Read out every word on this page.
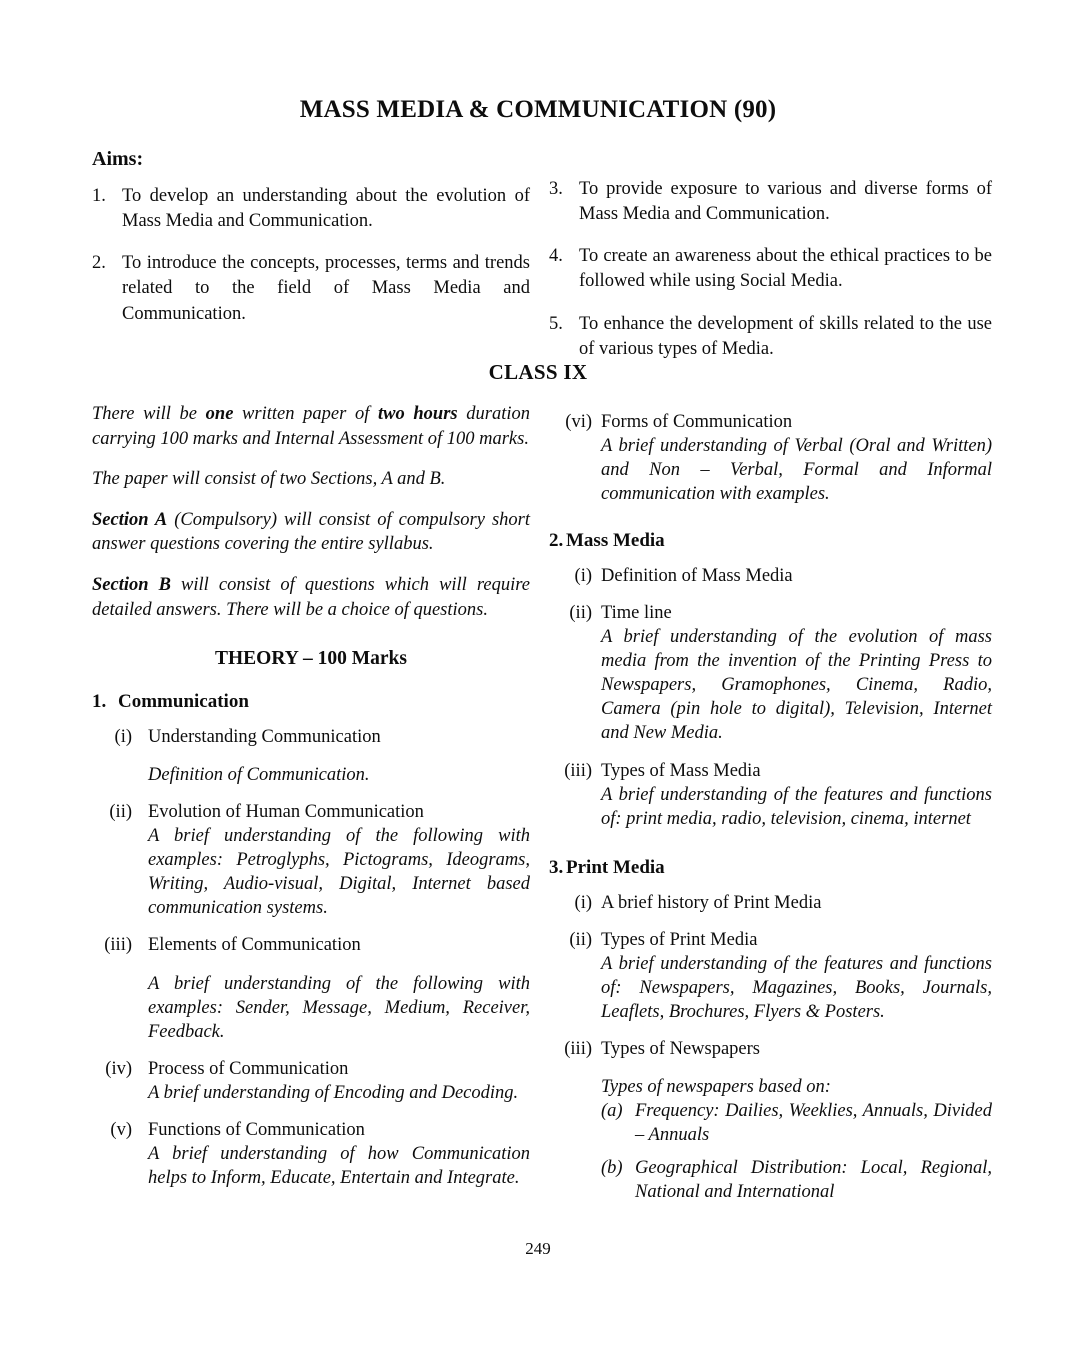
MASS MEDIA & COMMUNICATION (90)
Aims:
1. To develop an understanding about the evolution of Mass Media and Communication.
2. To introduce the concepts, processes, terms and trends related to the field of Mass Media and Communication.
3. To provide exposure to various and diverse forms of Mass Media and Communication.
4. To create an awareness about the ethical practices to be followed while using Social Media.
5. To enhance the development of skills related to the use of various types of Media.
CLASS IX
There will be one written paper of two hours duration carrying 100 marks and Internal Assessment of 100 marks.
The paper will consist of two Sections, A and B.
Section A (Compulsory) will consist of compulsory short answer questions covering the entire syllabus.
Section B will consist of questions which will require detailed answers. There will be a choice of questions.
THEORY – 100 Marks
1. Communication
(i) Understanding Communication
Definition of Communication.
(ii) Evolution of Human Communication
A brief understanding of the following with examples: Petroglyphs, Pictograms, Ideograms, Writing, Audio-visual, Digital, Internet based communication systems.
(iii) Elements of Communication
A brief understanding of the following with examples: Sender, Message, Medium, Receiver, Feedback.
(iv) Process of Communication
A brief understanding of Encoding and Decoding.
(v) Functions of Communication
A brief understanding of how Communication helps to Inform, Educate, Entertain and Integrate.
(vi) Forms of Communication
A brief understanding of Verbal (Oral and Written) and Non – Verbal, Formal and Informal communication with examples.
2. Mass Media
(i) Definition of Mass Media
(ii) Time line
A brief understanding of the evolution of mass media from the invention of the Printing Press to Newspapers, Gramophones, Cinema, Radio, Camera (pin hole to digital), Television, Internet and New Media.
(iii) Types of Mass Media
A brief understanding of the features and functions of: print media, radio, television, cinema, internet
3. Print Media
(i) A brief history of Print Media
(ii) Types of Print Media
A brief understanding of the features and functions of: Newspapers, Magazines, Books, Journals, Leaflets, Brochures, Flyers & Posters.
(iii) Types of Newspapers
Types of newspapers based on:
(a) Frequency: Dailies, Weeklies, Annuals, Divided – Annuals
(b) Geographical Distribution: Local, Regional, National and International
249
